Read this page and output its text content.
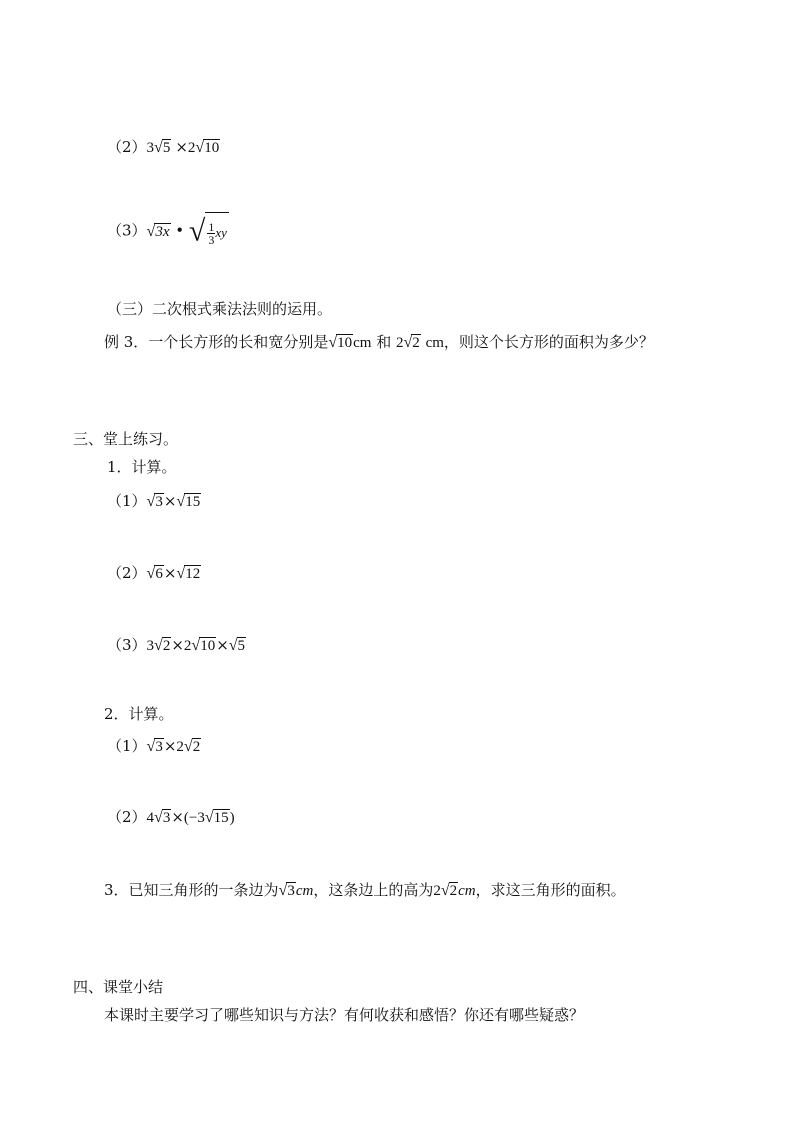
（2）3√5 ×2√10
（3）√3x • √ $\frac{1}{3}$ xy
（三）二次根式乘法法则的运用。
例 3．一个长方形的长和宽分别是√10cm 和 2√2 cm，则这个长方形的面积为多少？
三、堂上练习。
1．计算。
（1）√3×√15
（2）√6×√12
（3）3√2×2√10×√5
2．计算。
（1）√3×2√2
（2）4√3×(−3√15)
3．已知三角形的一条边为√3cm，这条边上的高为2√2cm，求这三角形的面积。
四、课堂小结
本课时主要学习了哪些知识与方法？有何收获和感悟？你还有哪些疑惑？
